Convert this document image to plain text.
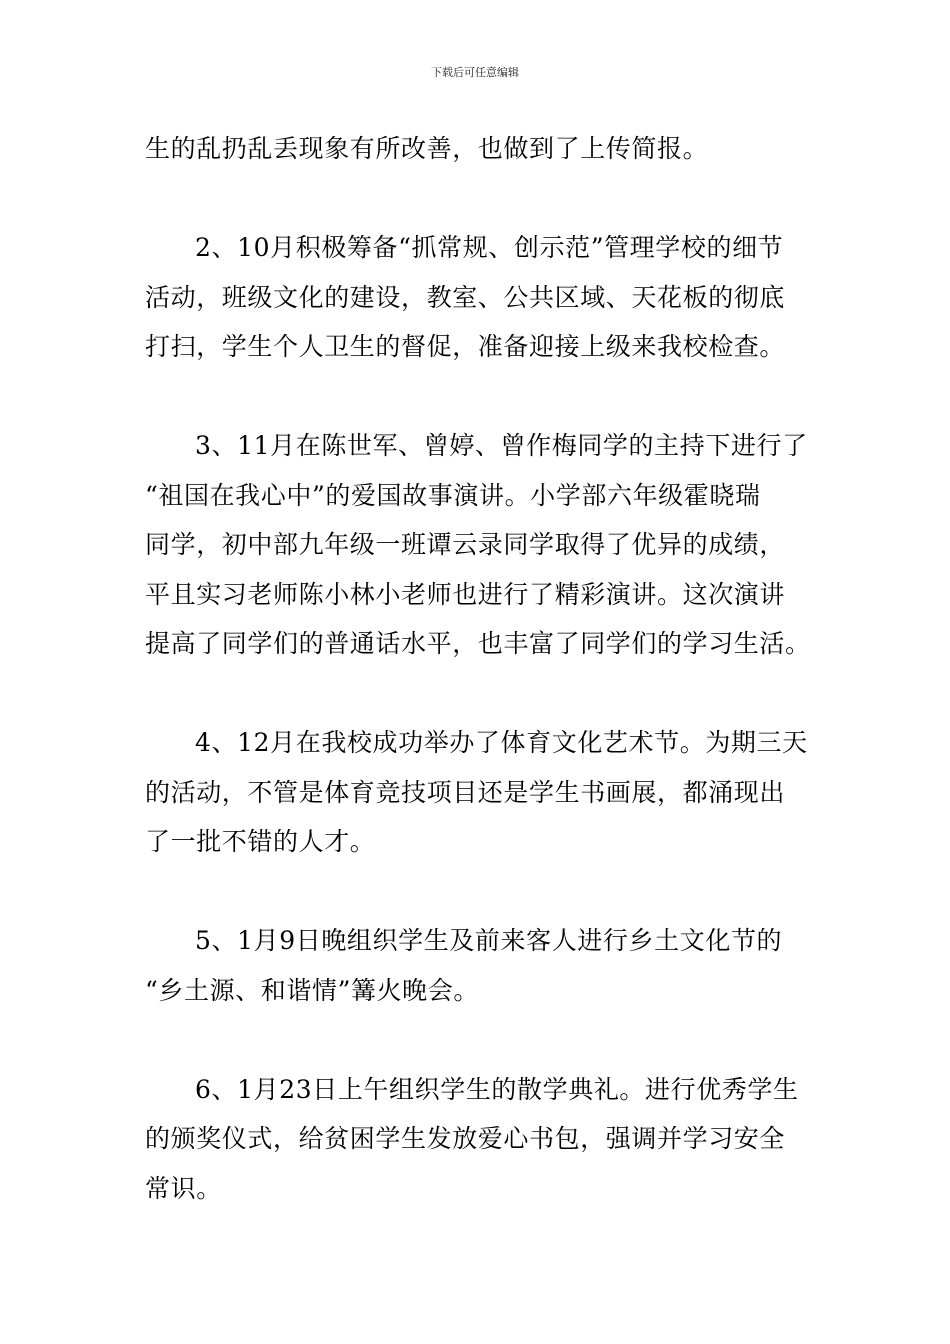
下载后可任意编辑

生的乱扔乱丢现象有所改善，也做到了上传简报。

2、10月积极筹备“抓常规、创示范”管理学校的细节
活动，班级文化的建设，教室、公共区域、天花板的彻底
打扫，学生个人卫生的督促，准备迎接上级来我校检查。

3、11月在陈世军、曾婷、曾作梅同学的主持下进行了
“祖国在我心中”的爱国故事演讲。小学部六年级霍晓瑞
同学，初中部九年级一班谭云录同学取得了优异的成绩，
平且实习老师陈小林小老师也进行了精彩演讲。这次演讲
提高了同学们的普通话水平，也丰富了同学们的学习生活。

4、12月在我校成功举办了体育文化艺术节。为期三天
的活动，不管是体育竞技项目还是学生书画展，都涌现出
了一批不错的人才。

5、1月9日晚组织学生及前来客人进行乡土文化节的
“乡土源、和谐情”篝火晚会。

6、1月23日上午组织学生的散学典礼。进行优秀学生
的颁奖仪式，给贫困学生发放爱心书包，强调并学习安全
常识。
